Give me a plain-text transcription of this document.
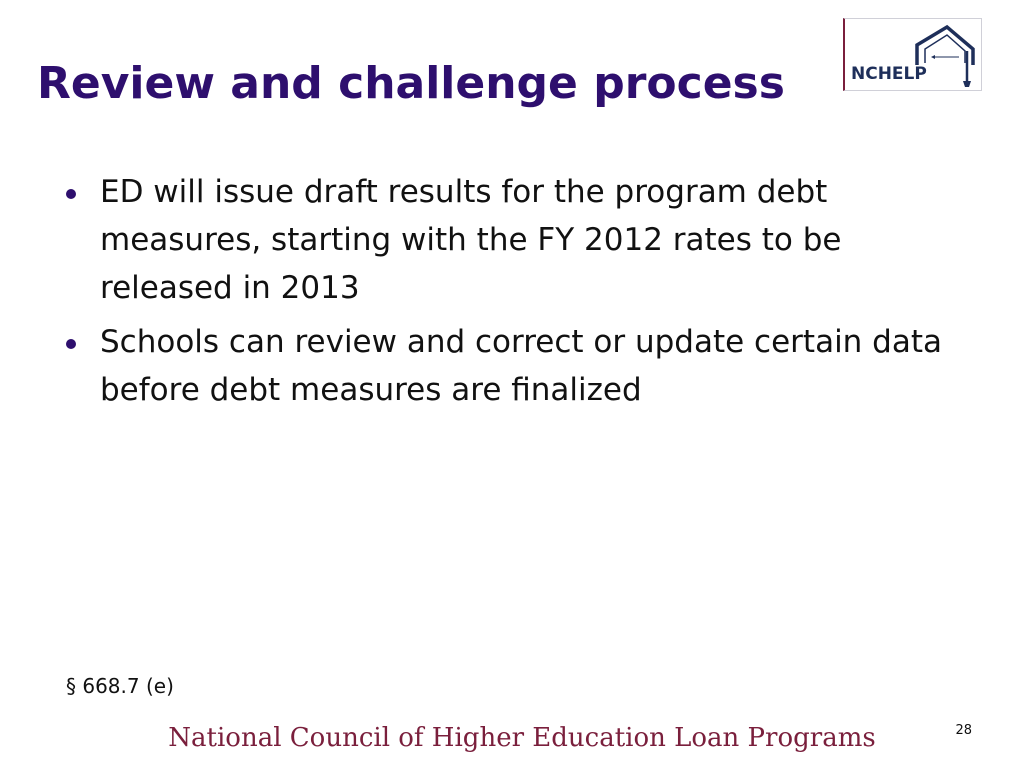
Review and challenge process	NCHELP
ED will issue draft results for the program debt measures, starting with the FY 2012 rates to be released in 2013
Schools can review and correct or update certain data before debt measures are finalized
§ 668.7 (e)
National Council of Higher Education Loan Programs	28
